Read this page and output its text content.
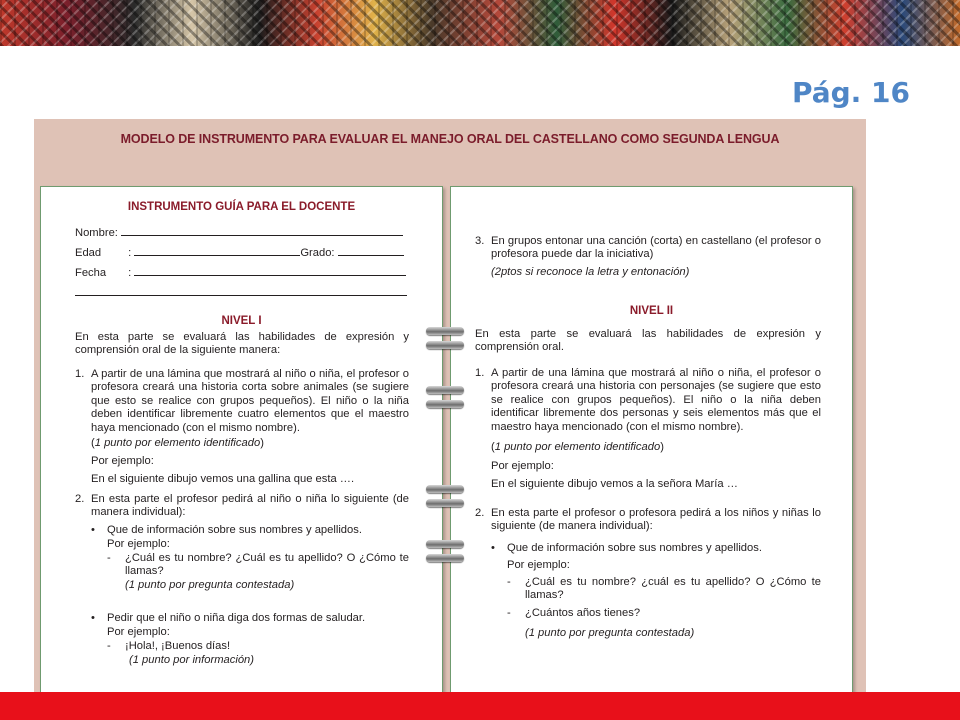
Pág. 16
MODELO DE INSTRUMENTO PARA EVALUAR EL MANEJO ORAL DEL CASTELLANO COMO SEGUNDA LENGUA
INSTRUMENTO GUÍA PARA EL DOCENTE
Nombre:
Edad :	Grado:
Fecha :
NIVEL I
En esta parte se evaluará las habilidades de expresión y comprensión oral de la siguiente manera:
1. A partir de una lámina que mostrará al niño o niña, el profesor o profesora creará una historia corta sobre animales (se sugiere que esto se realice con grupos pequeños). El niño o la niña deben identificar libremente cuatro elementos que el maestro haya mencionado (con el mismo nombre).
(1 punto por elemento identificado)
Por ejemplo:
En el siguiente dibujo vemos una gallina que esta ….
2. En esta parte el profesor pedirá al niño o niña lo siguiente (de manera individual):
•	Que de información sobre sus nombres y apellidos.
Por ejemplo:
-	¿Cuál es tu nombre? ¿Cuál es tu apellido? O ¿Cómo te llamas?
(1 punto por pregunta contestada)
•	Pedir que el niño o niña diga dos formas de saludar.
Por ejemplo:
-	¡Hola!, ¡Buenos días!
(1 punto por información)
3. En grupos entonar una canción (corta) en castellano (el profesor o profesora puede dar la iniciativa)
(2ptos si reconoce la letra y entonación)
NIVEL II
En esta parte se evaluará las habilidades de expresión y comprensión oral.
1. A partir de una lámina que mostrará al niño o niña, el profesor o profesora creará una historia con personajes (se sugiere que esto se realice con grupos pequeños). El niño o la niña deben identificar libremente dos personas y seis elementos más que el maestro haya mencionado (con el mismo nombre).
(1 punto por elemento identificado)
Por ejemplo:
En el siguiente dibujo vemos a la señora María …
2. En esta parte el profesor o profesora pedirá a los niños y niñas lo siguiente (de manera individual):
•	Que de información sobre sus nombres y apellidos.
Por ejemplo:
-	¿Cuál es tu nombre? ¿cuál es tu apellido? O ¿Cómo te llamas?
-	¿Cuántos años tienes?
(1 punto por pregunta contestada)
